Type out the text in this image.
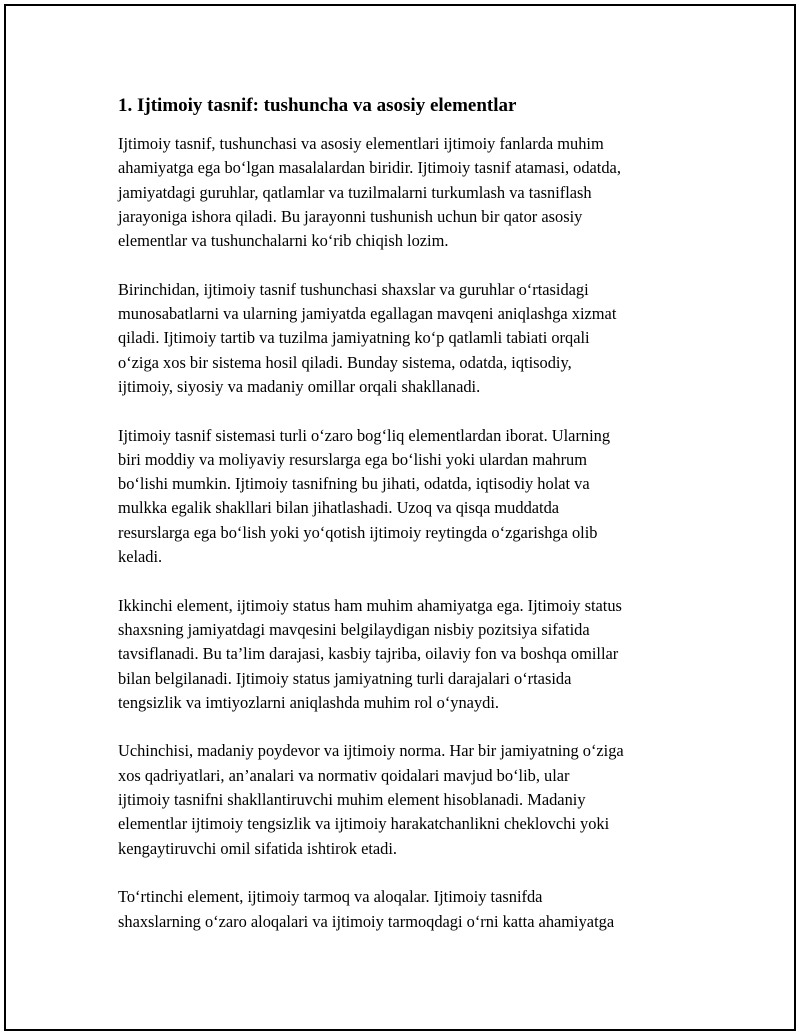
1. Ijtimoiy tasnif: tushuncha va asosiy elementlar

Ijtimoiy tasnif, tushunchasi va asosiy elementlari ijtimoiy fanlarda muhim
ahamiyatga ega bo‘lgan masalalardan biridir. Ijtimoiy tasnif atamasi, odatda,
jamiyatdagi guruhlar, qatlamlar va tuzilmalarni turkumlash va tasniflash
jarayoniga ishora qiladi. Bu jarayonni tushunish uchun bir qator asosiy
elementlar va tushunchalarni ko‘rib chiqish lozim.

Birinchidan, ijtimoiy tasnif tushunchasi shaxslar va guruhlar o‘rtasidagi
munosabatlarni va ularning jamiyatda egallagan mavqeni aniqlashga xizmat
qiladi. Ijtimoiy tartib va tuzilma jamiyatning ko‘p qatlamli tabiati orqali
o‘ziga xos bir sistema hosil qiladi. Bunday sistema, odatda, iqtisodiy,
ijtimoiy, siyosiy va madaniy omillar orqali shakllanadi.

Ijtimoiy tasnif sistemasi turli o‘zaro bog‘liq elementlardan iborat. Ularning
biri moddiy va moliyaviy resurslarga ega bo‘lishi yoki ulardan mahrum
bo‘lishi mumkin. Ijtimoiy tasnifning bu jihati, odatda, iqtisodiy holat va
mulkka egalik shakllari bilan jihatlashadi. Uzoq va qisqa muddatda
resurslarga ega bo‘lish yoki yo‘qotish ijtimoiy reytingda o‘zgarishga olib
keladi.

Ikkinchi element, ijtimoiy status ham muhim ahamiyatga ega. Ijtimoiy status
shaxsning jamiyatdagi mavqesini belgilaydigan nisbiy pozitsiya sifatida
tavsiflanadi. Bu ta’lim darajasi, kasbiy tajriba, oilaviy fon va boshqa omillar
bilan belgilanadi. Ijtimoiy status jamiyatning turli darajalari o‘rtasida
tengsizlik va imtiyozlarni aniqlashda muhim rol o‘ynaydi.

Uchinchisi, madaniy poydevor va ijtimoiy norma. Har bir jamiyatning o‘ziga
xos qadriyatlari, an’analari va normativ qoidalari mavjud bo‘lib, ular
ijtimoiy tasnifni shakllantiruvchi muhim element hisoblanadi. Madaniy
elementlar ijtimoiy tengsizlik va ijtimoiy harakatchanlikni cheklovchi yoki
kengaytiruvchi omil sifatida ishtirok etadi.

To‘rtinchi element, ijtimoiy tarmoq va aloqalar. Ijtimoiy tasnifda
shaxslarning o‘zaro aloqalari va ijtimoiy tarmoqdagi o‘rni katta ahamiyatga
